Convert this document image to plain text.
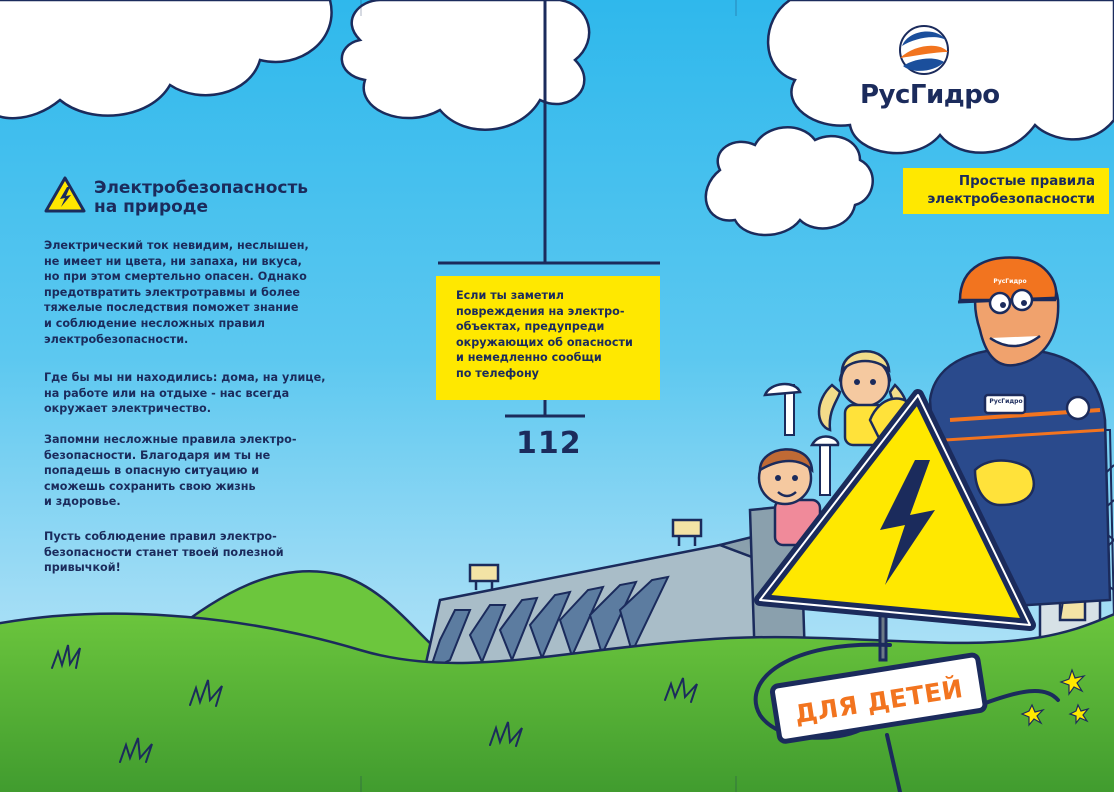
Электробезопасность
на природе
Электрический ток невидим, неслышен,
не имеет ни цвета, ни запаха, ни вкуса,
но при этом смертельно опасен. Однако
предотвратить электротравмы и более
тяжелые последствия поможет знание
и соблюдение несложных правил
электробезопасности.
Где бы мы ни находились: дома, на улице,
на работе или на отдыхе - нас всегда
окружает электричество.
Запомни несложные правила электро-
безопасности. Благодаря им ты не
попадешь в опасную ситуацию и
сможешь сохранить свою жизнь
и здоровье.
Пусть соблюдение правил электро-
безопасности станет твоей полезной
привычкой!
Если ты заметил
повреждения на электро-
объектах, предупреди
окружающих об опасности
и немедленно сообщи
по телефону
112
РусГидро
Простые правила
электробезопасности
ДЛЯ ДЕТЕЙ
РусГидро
РусГидро
